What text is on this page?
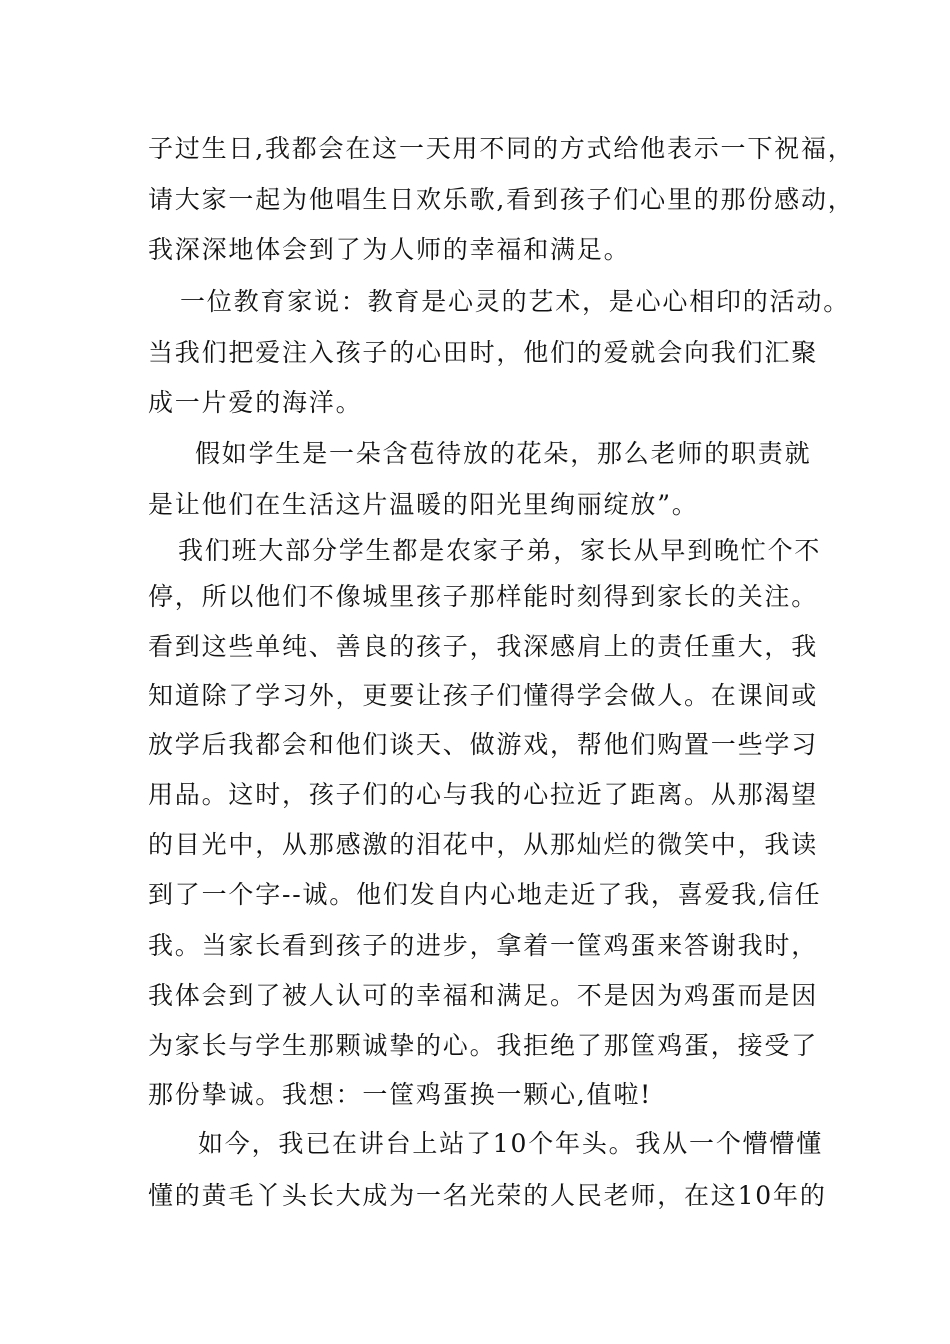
子过生日,我都会在这一天用不同的方式给他表示一下祝福，
请大家一起为他唱生日欢乐歌,看到孩子们心里的那份感动，
我深深地体会到了为人师的幸福和满足。
一位教育家说：教育是心灵的艺术，是心心相印的活动。
当我们把爱注入孩子的心田时，他们的爱就会向我们汇聚
成一片爱的海洋。
假如学生是一朵含苞待放的花朵，那么老师的职责就
是让他们在生活这片温暖的阳光里绚丽绽放”。
我们班大部分学生都是农家子弟，家长从早到晚忙个不
停，所以他们不像城里孩子那样能时刻得到家长的关注。
看到这些单纯、善良的孩子，我深感肩上的责任重大，我
知道除了学习外，更要让孩子们懂得学会做人。在课间或
放学后我都会和他们谈天、做游戏，帮他们购置一些学习
用品。这时，孩子们的心与我的心拉近了距离。从那渴望
的目光中，从那感激的泪花中，从那灿烂的微笑中，我读
到了一个字--诚。他们发自内心地走近了我，喜爱我,信任
我。当家长看到孩子的进步，拿着一筐鸡蛋来答谢我时，
我体会到了被人认可的幸福和满足。不是因为鸡蛋而是因
为家长与学生那颗诚挚的心。我拒绝了那筐鸡蛋，接受了
那份挚诚。我想：一筐鸡蛋换一颗心,值啦!
如今，我已在讲台上站了10个年头。我从一个懵懵懂
懂的黄毛丫头长大成为一名光荣的人民老师，在这10年的
